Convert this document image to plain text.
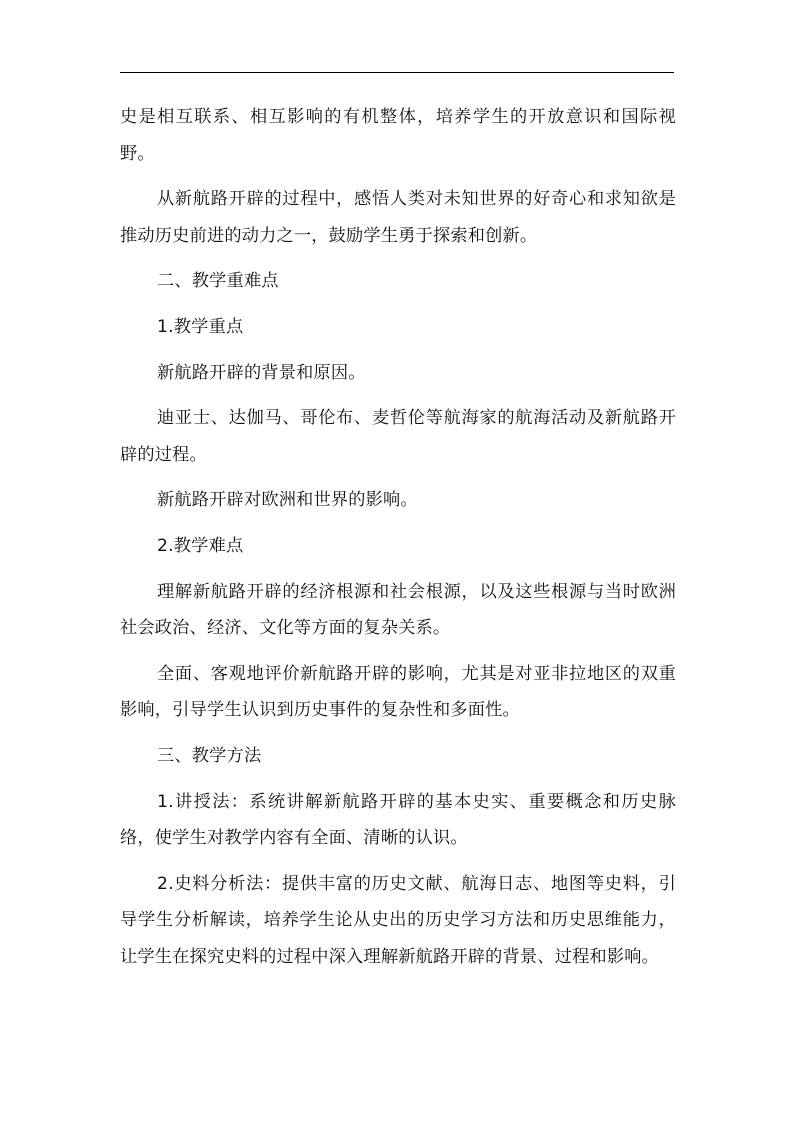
史是相互联系、相互影响的有机整体，培养学生的开放意识和国际视野。

从新航路开辟的过程中，感悟人类对未知世界的好奇心和求知欲是推动历史前进的动力之一，鼓励学生勇于探索和创新。

二、教学重难点

1.教学重点

新航路开辟的背景和原因。

迪亚士、达伽马、哥伦布、麦哲伦等航海家的航海活动及新航路开辟的过程。

新航路开辟对欧洲和世界的影响。

2.教学难点

理解新航路开辟的经济根源和社会根源，以及这些根源与当时欧洲社会政治、经济、文化等方面的复杂关系。

全面、客观地评价新航路开辟的影响，尤其是对亚非拉地区的双重影响，引导学生认识到历史事件的复杂性和多面性。

三、教学方法

1.讲授法：系统讲解新航路开辟的基本史实、重要概念和历史脉络，使学生对教学内容有全面、清晰的认识。

2.史料分析法：提供丰富的历史文献、航海日志、地图等史料，引导学生分析解读，培养学生论从史出的历史学习方法和历史思维能力，让学生在探究史料的过程中深入理解新航路开辟的背景、过程和影响。
